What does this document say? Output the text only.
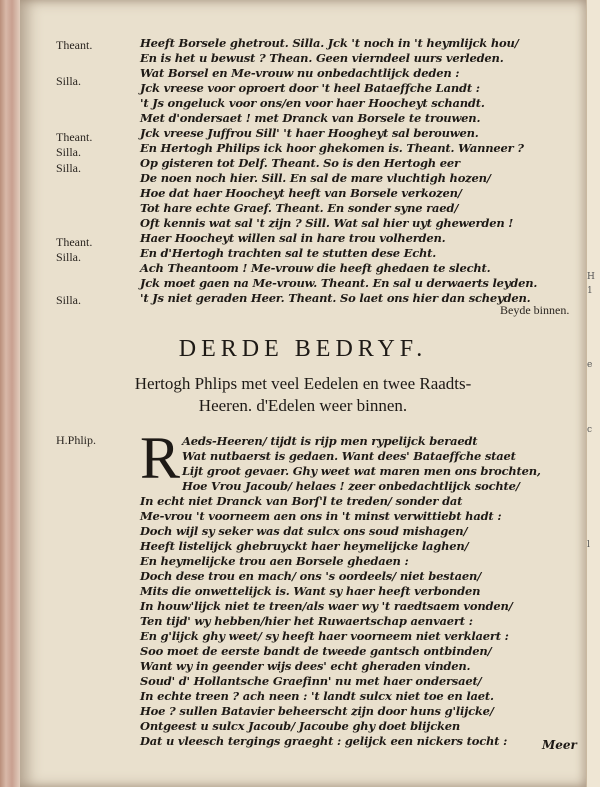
Theant.
Silla.
Theant.
Silla.
Silla.
Theant.
Silla.
Silla.
Heeft Borsele ghetrout. Silla. Jck 't noch in 't heymlijck hou/
En is het u bewust ? Thean. Geen vierndeel uurs verleden.
Wat Borsel en Me-vrouw nu onbedachtlijck deden :
Jck vreese voor oproert door 't heel Bataeffche Landt :
't Js ongeluck voor ons/en voor haer Hoocheyt schandt.
Met d'ondersaet ! met Dranck van Borsele te trouwen.
Jck vreese Juffrou Sill' 't haer Hoogheyt sal berouwen.
En Hertogh Philips ick hoor ghekomen is. Theant. Wanneer ?
Op gisteren tot Delf. Theant. So is den Hertogh eer
De noen noch hier. Sill. En sal de mare vluchtigh hozen/
Hoe dat haer Hoocheyt heeft van Borsele verkozen/
Tot hare echte Graef. Theant. En sonder syne raed/
Oft kennis wat sal 't zijn ? Sill. Wat sal hier uyt ghewerden !
Haer Hoocheyt willen sal in hare trou volherden.
En d'Hertogh trachten sal te stutten dese Echt.
Ach Theantoom ! Me-vrouw die heeft ghedaen te slecht.
Jck moet gaen na Me-vrouw. Theant. En sal u derwaerts leyden.
't Js niet geraden Heer. Theant. So laet ons hier dan scheyden.
Beyde binnen.
DERDE BEDRYF.
Hertogh Phlips met veel Eedelen en twee Raadts-
Heeren. d'Edelen weer binnen.
H.Phlip. R Aeds-Heeren/ tijdt is rijp men rypelijck beraedt
Wat nutbaerst is gedaen. Want dees' Bataeffche staet
Lijt groot gevaer. Ghy weet wat maren men ons brochten,
Hoe Vrou Jacoub/ helaes ! zeer onbedachtlijck sochte/
In echt niet Dranck van Borſ'l te treden/ sonder dat
Me-vrou 't voorneem aen ons in 't minst verwittiebt hadt :
Doch wijl sy seker was dat sulcx ons soud mishagen/
Heeft listelijck ghebruyckt haer heymelijcke laghen/
En heymelijcke trou aen Borsele ghedaen :
Doch dese trou en mach/ ons 's oordeels/ niet bestaen/
Mits die onwettelijck is. Want sy haer heeft verbonden
In houw'lijck niet te treen/als waer wy 't raedtsaem vonden/
Ten tijd' wy hebben/hier het Ruwaertschap aenvaert :
En g'lijck ghy weet/ sy heeft haer voorneem niet verklaert :
Soo moet de eerste bandt de tweede gantsch ontbinden/
Want wy in geender wijs dees' echt gheraden vinden.
Soud' d' Hollantsche Graefinn' nu met haer ondersaet/
In echte treen ? ach neen : 't landt sulcx niet toe en laet.
Hoe ? sullen Batavier beheerscht zijn door huns g'lijcke/
Ontgeest u sulcx Jacoub/ Jacoube ghy doet blijcken
Dat u vleesch tergings graeght : gelijck een nickers tocht :	Meer
H
1
e
c
l
